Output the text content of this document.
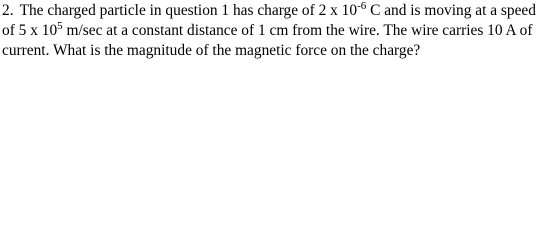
2. The charged particle in question 1 has charge of 2 x $10^{-6}$ C and is moving at a speed
of 5 x $10^5$ m/sec at a constant distance of 1 cm from the wire. The wire carries 10 A of
current. What is the magnitude of the magnetic force on the charge?
